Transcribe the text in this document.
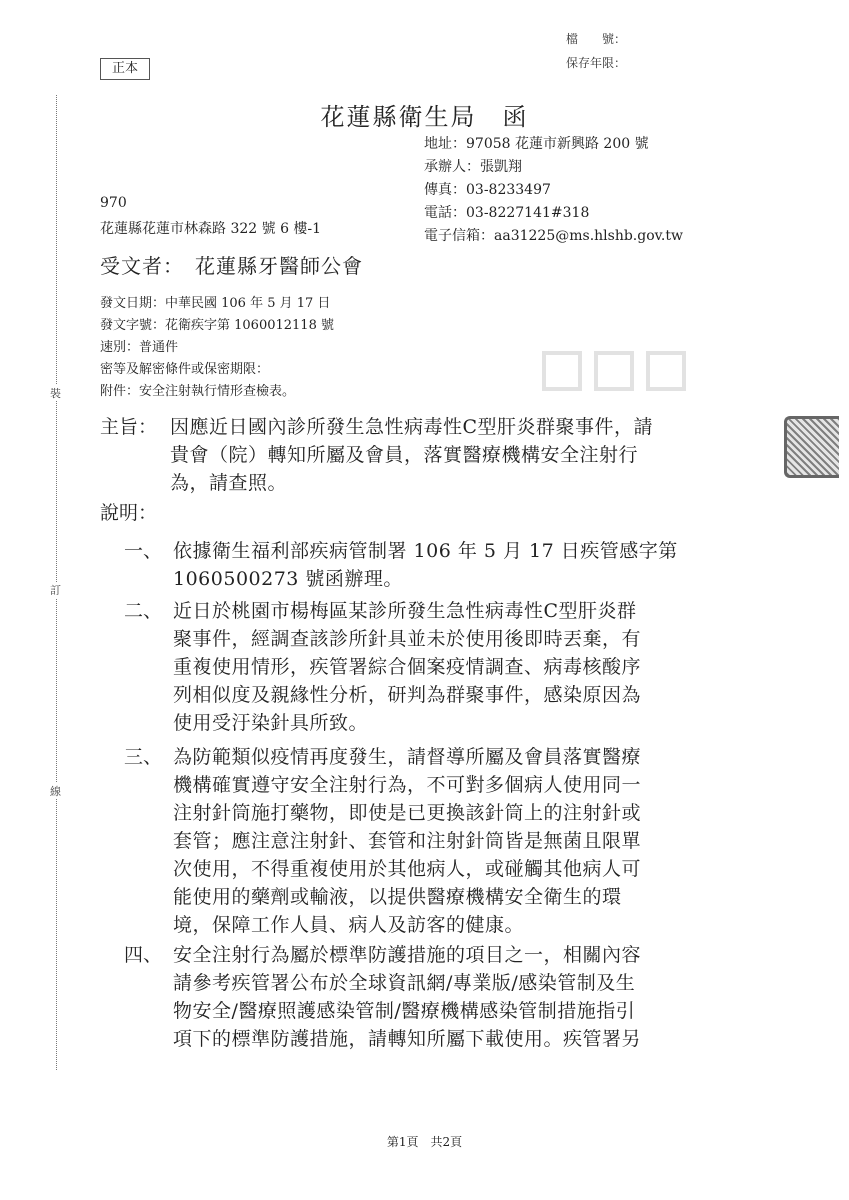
檔　　號：
保存年限：
正本
裝
訂
線
花蓮縣衛生局　函
地址：97058 花蓮市新興路 200 號
承辦人：張凱翔
傳真：03-8233497
電話：03-8227141#318
電子信箱：aa31225@ms.hlshb.gov.tw
970
花蓮縣花蓮市林森路 322 號 6 樓-1
受文者：　花蓮縣牙醫師公會
發文日期：中華民國 106 年 5 月 17 日
發文字號：花衛疾字第 1060012118 號
速別：普通件
密等及解密條件或保密期限：
附件：安全注射執行情形查檢表。
主旨： 因應近日國內診所發生急性病毒性C型肝炎群聚事件，請
貴會（院）轉知所屬及會員，落實醫療機構安全注射行
為，請查照。
說明：
一、 依據衛生福利部疾病管制署 106 年 5 月 17 日疾管感字第
1060500273 號函辦理。
二、 近日於桃園市楊梅區某診所發生急性病毒性C型肝炎群
聚事件，經調查該診所針具並未於使用後即時丟棄，有
重複使用情形，疾管署綜合個案疫情調查、病毒核酸序
列相似度及親緣性分析，研判為群聚事件，感染原因為
使用受汙染針具所致。
三、 為防範類似疫情再度發生，請督導所屬及會員落實醫療
機構確實遵守安全注射行為，不可對多個病人使用同一
注射針筒施打藥物，即使是已更換該針筒上的注射針或
套管；應注意注射針、套管和注射針筒皆是無菌且限單
次使用，不得重複使用於其他病人，或碰觸其他病人可
能使用的藥劑或輸液，以提供醫療機構安全衛生的環
境，保障工作人員、病人及訪客的健康。
四、 安全注射行為屬於標準防護措施的項目之一，相關內容
請參考疾管署公布於全球資訊網/專業版/感染管制及生
物安全/醫療照護感染管制/醫療機構感染管制措施指引
項下的標準防護措施，請轉知所屬下載使用。疾管署另
第1頁　共2頁
